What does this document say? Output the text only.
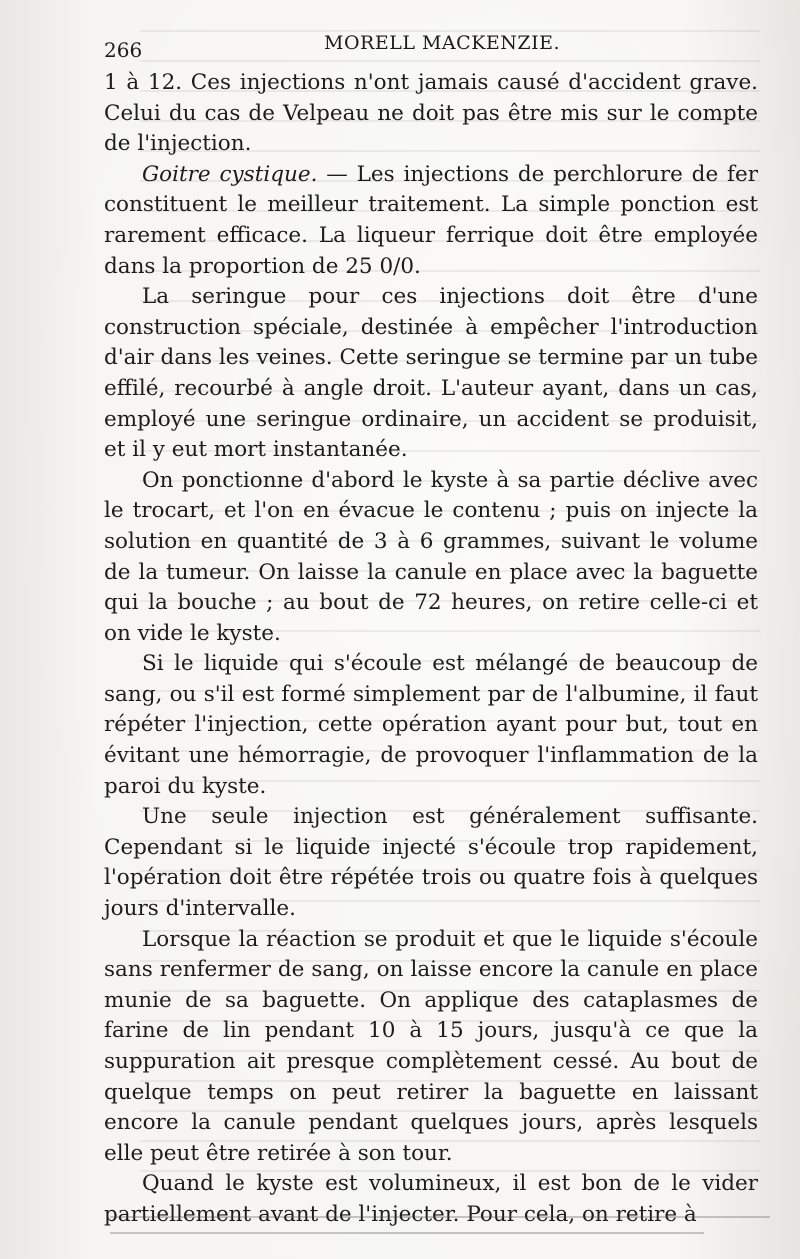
266	MORELL MACKENZIE.

1 à 12. Ces injections n'ont jamais causé d'accident grave. Celui du cas de Velpeau ne doit pas être mis sur le compte de l'injection.

Goitre cystique. — Les injections de perchlorure de fer constituent le meilleur traitement. La simple ponction est rarement efficace. La liqueur ferrique doit être employée dans la proportion de 25 0/0.

La seringue pour ces injections doit être d'une construction spéciale, destinée à empêcher l'introduction d'air dans les veines. Cette seringue se termine par un tube effilé, recourbé à angle droit. L'auteur ayant, dans un cas, employé une seringue ordinaire, un accident se produisit, et il y eut mort instantanée.

On ponctionne d'abord le kyste à sa partie déclive avec le trocart, et l'on en évacue le contenu ; puis on injecte la solution en quantité de 3 à 6 grammes, suivant le volume de la tumeur. On laisse la canule en place avec la baguette qui la bouche ; au bout de 72 heures, on retire celle-ci et on vide le kyste.

Si le liquide qui s'écoule est mélangé de beaucoup de sang, ou s'il est formé simplement par de l'albumine, il faut répéter l'injection, cette opération ayant pour but, tout en évitant une hémorragie, de provoquer l'inflammation de la paroi du kyste.

Une seule injection est généralement suffisante. Cependant si le liquide injecté s'écoule trop rapidement, l'opération doit être répétée trois ou quatre fois à quelques jours d'intervalle.

Lorsque la réaction se produit et que le liquide s'écoule sans renfermer de sang, on laisse encore la canule en place munie de sa baguette. On applique des cataplasmes de farine de lin pendant 10 à 15 jours, jusqu'à ce que la suppuration ait presque complètement cessé. Au bout de quelque temps on peut retirer la baguette en laissant encore la canule pendant quelques jours, après lesquels elle peut être retirée à son tour.

Quand le kyste est volumineux, il est bon de le vider partiellement avant de l'injecter. Pour cela, on retire à
